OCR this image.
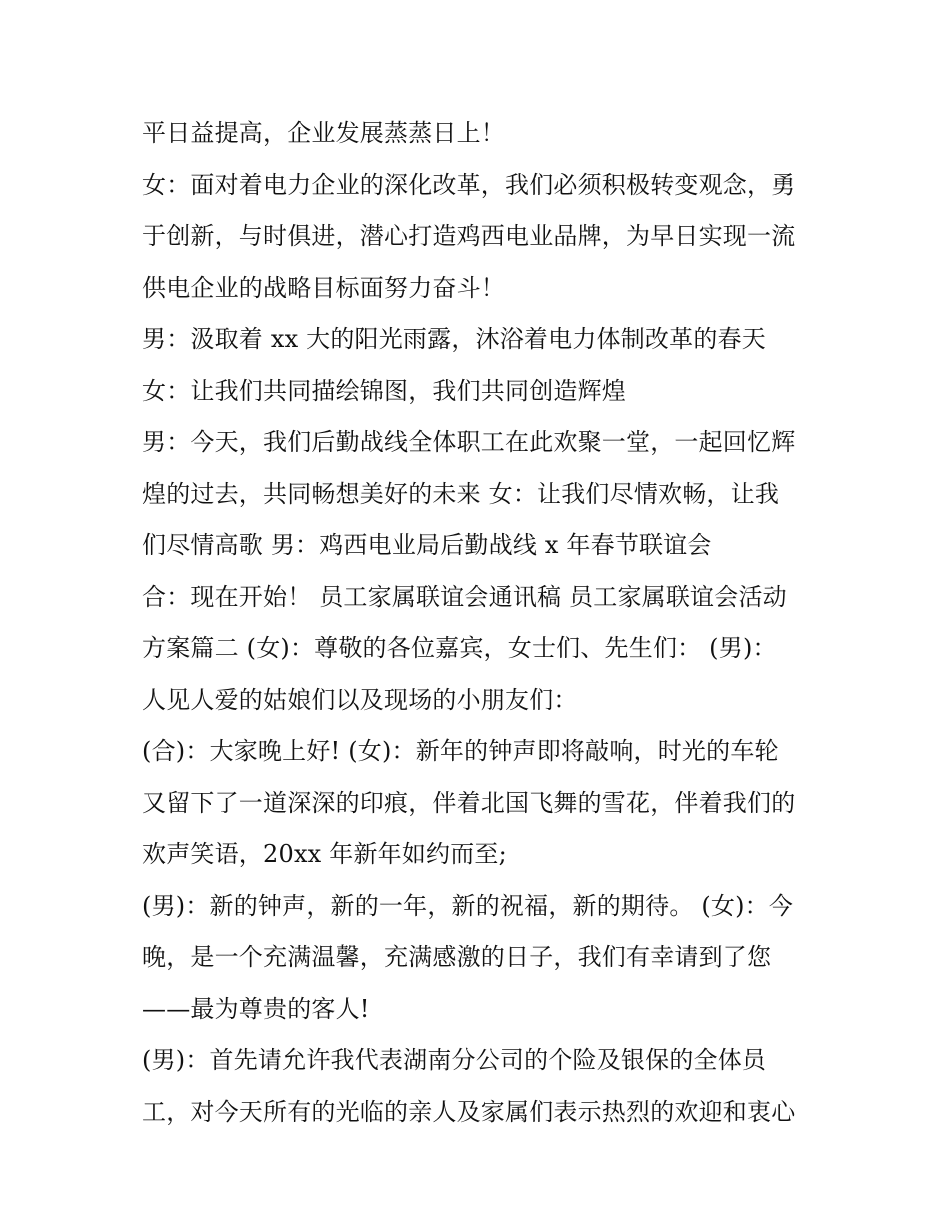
平日益提高，企业发展蒸蒸日上！
女：面对着电力企业的深化改革，我们必须积极转变观念，勇
于创新，与时俱进，潜心打造鸡西电业品牌，为早日实现一流
供电企业的战略目标面努力奋斗！
男：汲取着 xx 大的阳光雨露，沐浴着电力体制改革的春天
女：让我们共同描绘锦图，我们共同创造辉煌
男：今天，我们后勤战线全体职工在此欢聚一堂，一起回忆辉
煌的过去，共同畅想美好的未来 女：让我们尽情欢畅，让我
们尽情高歌 男：鸡西电业局后勤战线 x 年春节联谊会
合：现在开始！ 员工家属联谊会通讯稿 员工家属联谊会活动
方案篇二 (女)：尊敬的各位嘉宾，女士们、先生们： (男)：
人见人爱的姑娘们以及现场的小朋友们：
(合)：大家晚上好! (女)：新年的钟声即将敲响，时光的车轮
又留下了一道深深的印痕，伴着北国飞舞的雪花，伴着我们的
欢声笑语，20xx 年新年如约而至;
(男)：新的钟声，新的一年，新的祝福，新的期待。 (女)：今
晚，是一个充满温馨，充满感激的日子，我们有幸请到了您
——最为尊贵的客人!
(男)：首先请允许我代表湖南分公司的个险及银保的全体员
工，对今天所有的光临的亲人及家属们表示热烈的欢迎和衷心
